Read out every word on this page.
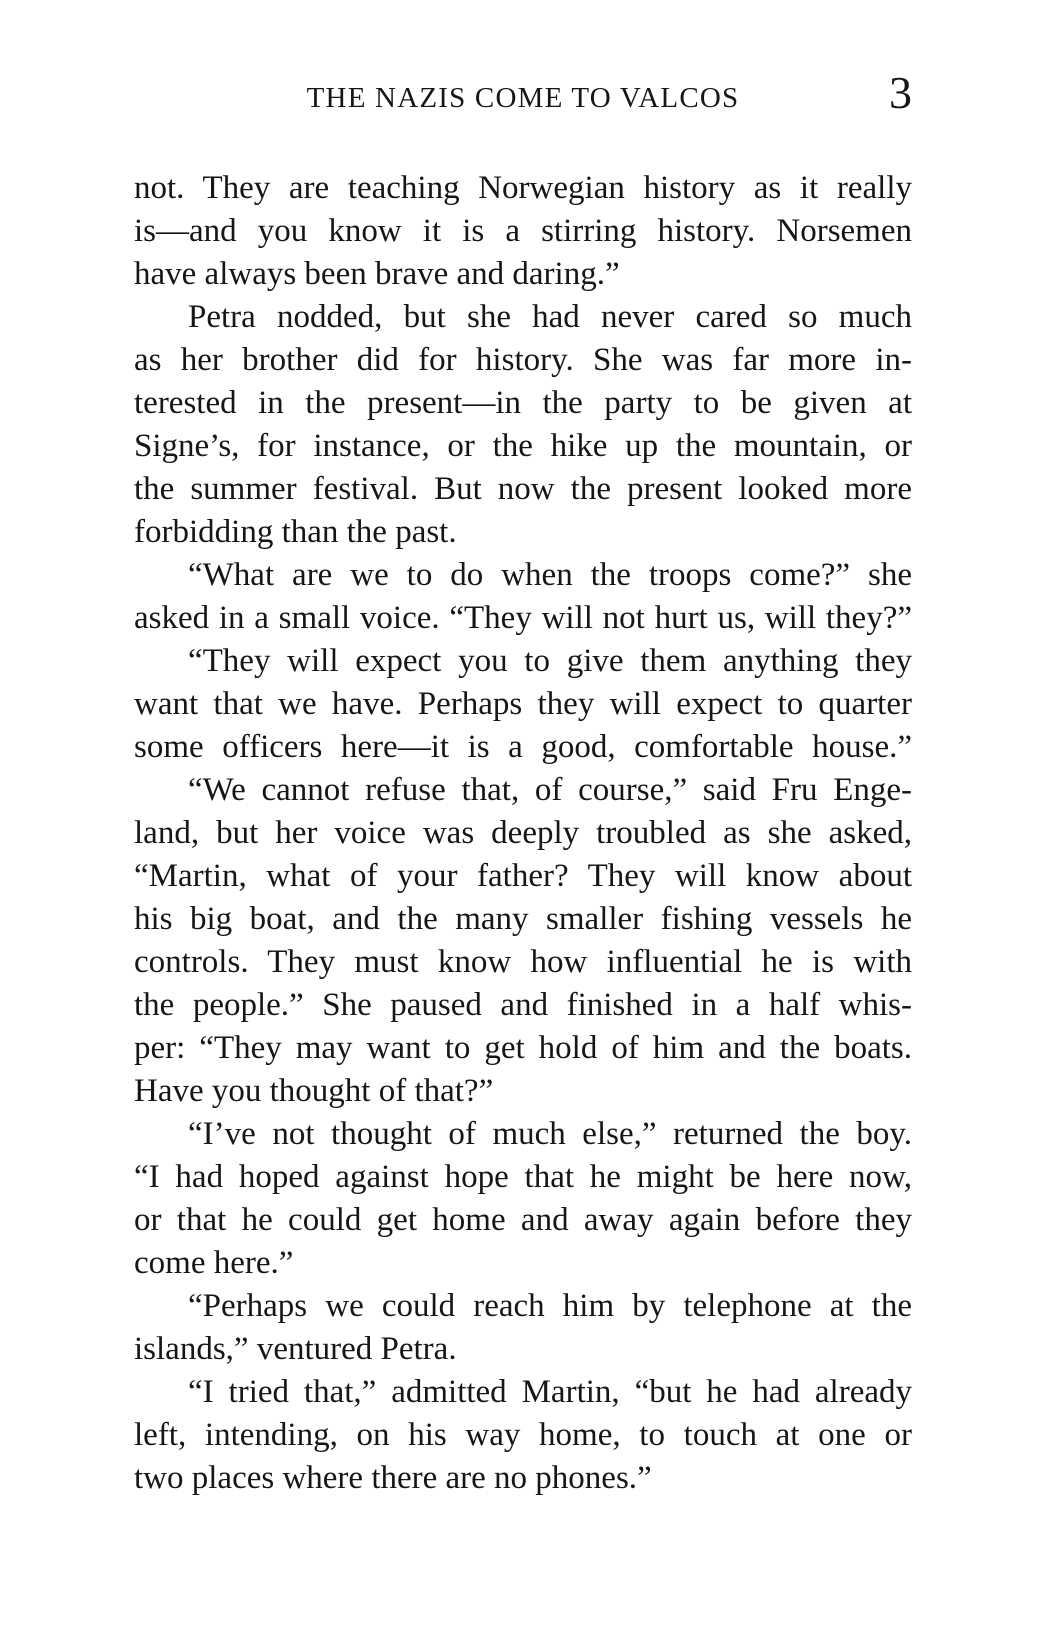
THE NAZIS COME TO VALCOS	3
not. They are teaching Norwegian history as it really
is—and you know it is a stirring history. Norsemen
have always been brave and daring.”
Petra nodded, but she had never cared so much
as her brother did for history. She was far more in-
terested in the present—in the party to be given at
Signe’s, for instance, or the hike up the mountain, or
the summer festival. But now the present looked more
forbidding than the past.
“What are we to do when the troops come?” she
asked in a small voice. “They will not hurt us, will they?”
“They will expect you to give them anything they
want that we have. Perhaps they will expect to quarter
some officers here—it is a good, comfortable house.”
“We cannot refuse that, of course,” said Fru Enge-
land, but her voice was deeply troubled as she asked,
“Martin, what of your father? They will know about
his big boat, and the many smaller fishing vessels he
controls. They must know how influential he is with
the people.” She paused and finished in a half whis-
per: “They may want to get hold of him and the boats.
Have you thought of that?”
“I’ve not thought of much else,” returned the boy.
“I had hoped against hope that he might be here now,
or that he could get home and away again before they
come here.”
“Perhaps we could reach him by telephone at the
islands,” ventured Petra.
“I tried that,” admitted Martin, “but he had already
left, intending, on his way home, to touch at one or
two places where there are no phones.”
